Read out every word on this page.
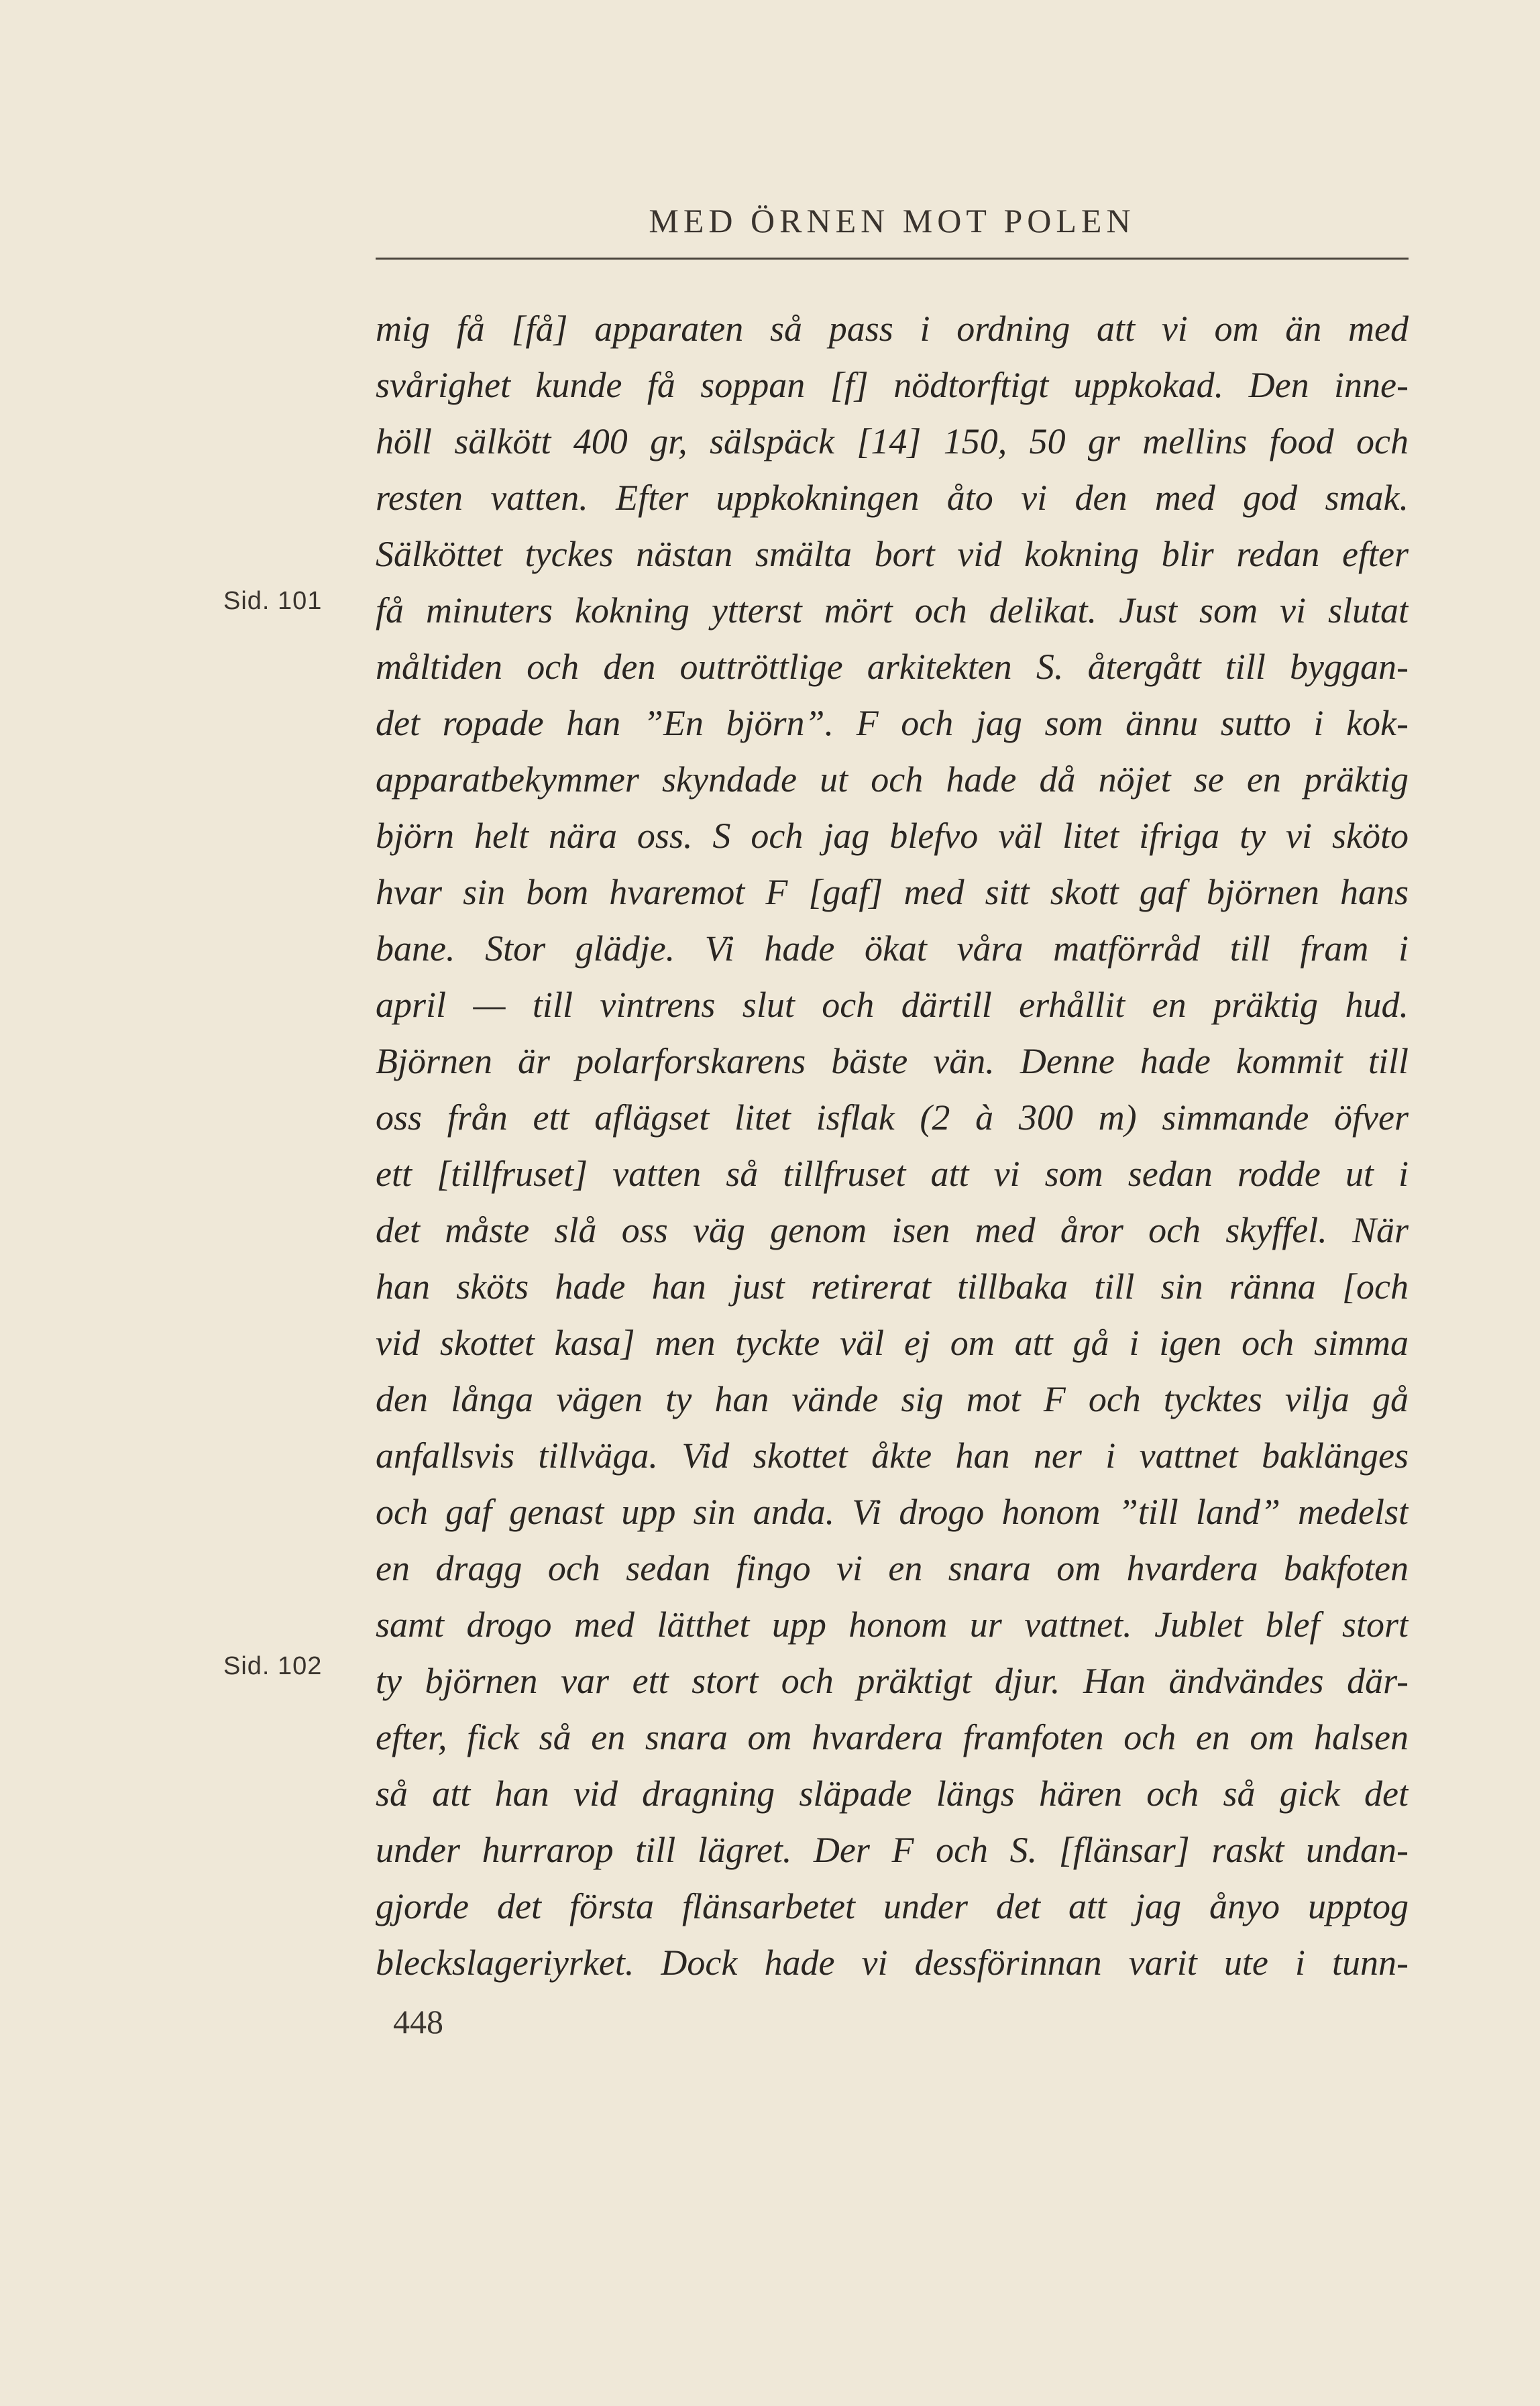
MED ÖRNEN MOT POLEN
Sid. 101
Sid. 102
mig få [få] apparaten så pass i ordning att vi om än med
svårighet kunde få soppan [f] nödtorftigt uppkokad. Den inne-
höll sälkött 400 gr, sälspäck [14] 150, 50 gr mellins food och
resten vatten. Efter uppkokningen åto vi den med god smak.
Sälköttet tyckes nästan smälta bort vid kokning blir redan efter
få minuters kokning ytterst mört och delikat. Just som vi slutat
måltiden och den outtröttlige arkitekten S. återgått till byggan-
det ropade han ”En björn”. F och jag som ännu sutto i kok-
apparatbekymmer skyndade ut och hade då nöjet se en präktig
björn helt nära oss. S och jag blefvo väl litet ifriga ty vi sköto
hvar sin bom hvaremot F [gaf] med sitt skott gaf björnen hans
bane. Stor glädje. Vi hade ökat våra matförråd till fram i
april — till vintrens slut och därtill erhållit en präktig hud.
Björnen är polarforskarens bäste vän. Denne hade kommit till
oss från ett aflägset litet isflak (2 à 300 m) simmande öfver
ett [tillfruset] vatten så tillfruset att vi som sedan rodde ut i
det måste slå oss väg genom isen med åror och skyffel. När
han sköts hade han just retirerat tillbaka till sin ränna [och
vid skottet kasa] men tyckte väl ej om att gå i igen och simma
den långa vägen ty han vände sig mot F och tycktes vilja gå
anfallsvis tillväga. Vid skottet åkte han ner i vattnet baklänges
och gaf genast upp sin anda. Vi drogo honom ”till land” medelst
en dragg och sedan fingo vi en snara om hvardera bakfoten
samt drogo med lätthet upp honom ur vattnet. Jublet blef stort
ty björnen var ett stort och präktigt djur. Han ändvändes där-
efter, fick så en snara om hvardera framfoten och en om halsen
så att han vid dragning släpade längs hären och så gick det
under hurrarop till lägret. Der F och S. [flänsar] raskt undan-
gjorde det första flänsarbetet under det att jag ånyo upptog
bleckslageriyrket. Dock hade vi dessförinnan varit ute i tunn-
448
